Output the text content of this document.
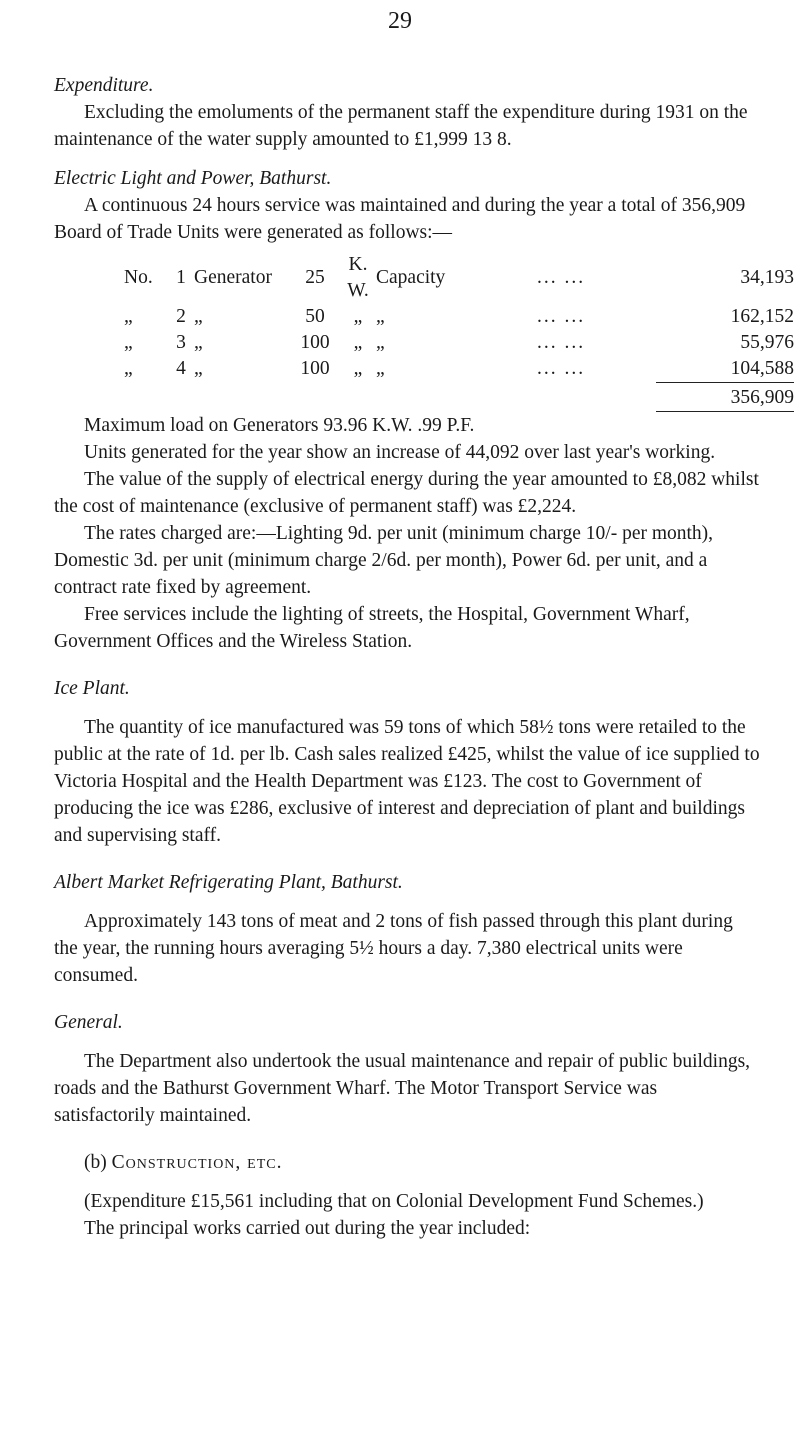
29

Expenditure.

Excluding the emoluments of the permanent staff the expenditure during 1931 on the maintenance of the water supply amounted to £1,999 13 8.

Electric Light and Power, Bathurst.

A continuous 24 hours service was maintained and during the year a total of 356,909 Board of Trade Units were generated as follows:—

No.	1	Generator	25	K. W.	Capacity	... ...	34,193
„	2	„	50	„	„	... ...	162,152
„	3	„	100	„	„	... ...	55,976
„	4	„	100	„	„	... ...	104,588
							356,909

Maximum load on Generators 93.96 K.W. .99 P.F.

Units generated for the year show an increase of 44,092 over last year's working.

The value of the supply of electrical energy during the year amounted to £8,082 whilst the cost of maintenance (exclusive of permanent staff) was £2,224.

The rates charged are:—Lighting 9d. per unit (minimum charge 10/- per month), Domestic 3d. per unit (minimum charge 2/6d. per month), Power 6d. per unit, and a contract rate fixed by agreement.

Free services include the lighting of streets, the Hospital, Government Wharf, Government Offices and the Wireless Station.

Ice Plant.

The quantity of ice manufactured was 59 tons of which 58½ tons were retailed to the public at the rate of 1d. per lb. Cash sales realized £425, whilst the value of ice supplied to Victoria Hospital and the Health Department was £123. The cost to Government of producing the ice was £286, exclusive of interest and depreciation of plant and buildings and supervising staff.

Albert Market Refrigerating Plant, Bathurst.

Approximately 143 tons of meat and 2 tons of fish passed through this plant during the year, the running hours averaging 5½ hours a day. 7,380 electrical units were consumed.

General.

The Department also undertook the usual maintenance and repair of public buildings, roads and the Bathurst Government Wharf. The Motor Transport Service was satisfactorily maintained.

(b) Construction, etc.

(Expenditure £15,561 including that on Colonial Development Fund Schemes.)

The principal works carried out during the year included:
